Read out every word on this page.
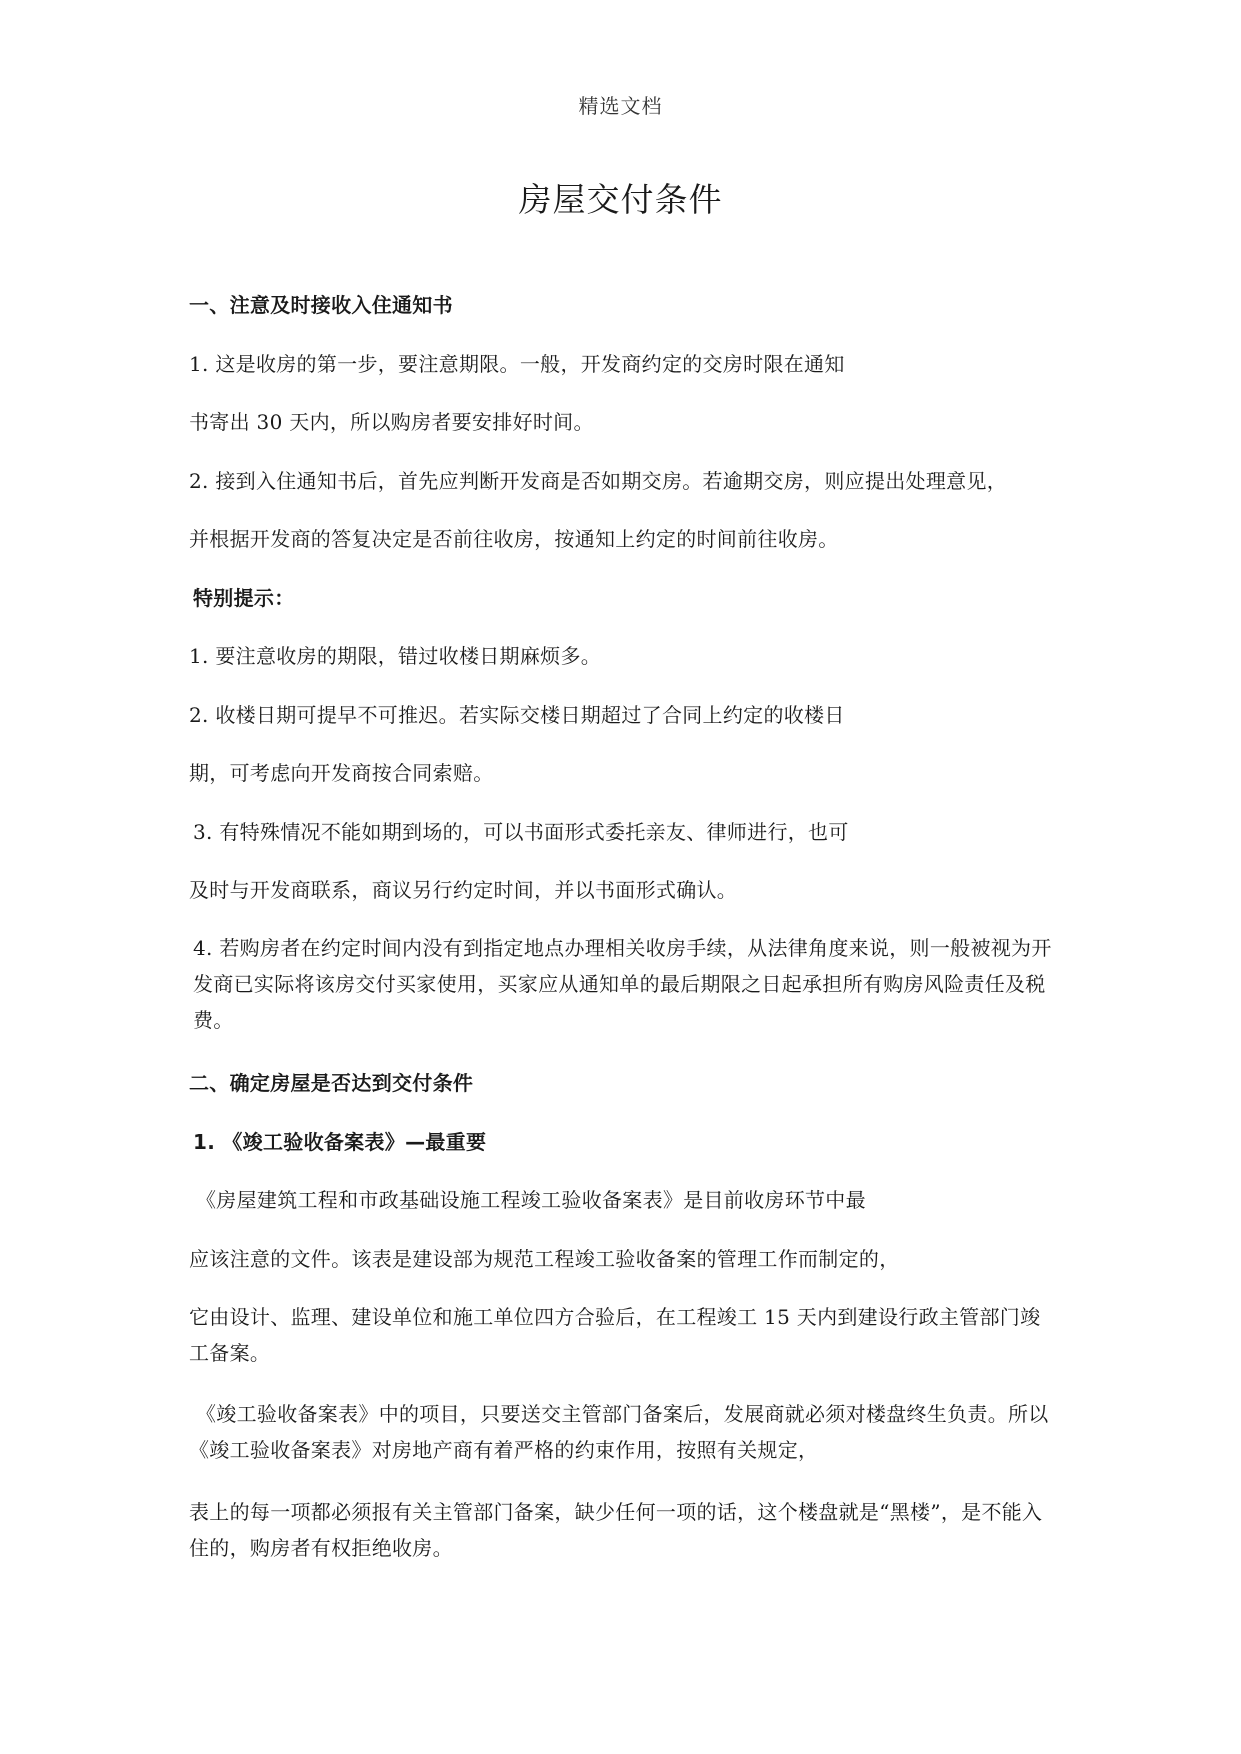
精选文档
房屋交付条件
一、注意及时接收入住通知书
1. 这是收房的第一步，要注意期限。一般，开发商约定的交房时限在通知
书寄出 30 天内，所以购房者要安排好时间。
2. 接到入住通知书后，首先应判断开发商是否如期交房。若逾期交房，则应提出处理意见，
并根据开发商的答复决定是否前往收房，按通知上约定的时间前往收房。
特别提示：
1. 要注意收房的期限，错过收楼日期麻烦多。
2. 收楼日期可提早不可推迟。若实际交楼日期超过了合同上约定的收楼日
期，可考虑向开发商按合同索赔。
3. 有特殊情况不能如期到场的，可以书面形式委托亲友、律师进行，也可
及时与开发商联系，商议另行约定时间，并以书面形式确认。
4. 若购房者在约定时间内没有到指定地点办理相关收房手续，从法律角度来说，则一般被视为开发商已实际将该房交付买家使用，买家应从通知单的最后期限之日起承担所有购房风险责任及税费。
二、确定房屋是否达到交付条件
1. 《竣工验收备案表》—最重要
《房屋建筑工程和市政基础设施工程竣工验收备案表》是目前收房环节中最
应该注意的文件。该表是建设部为规范工程竣工验收备案的管理工作而制定的，
它由设计、监理、建设单位和施工单位四方合验后，在工程竣工 15 天内到建设行政主管部门竣工备案。
《竣工验收备案表》中的项目，只要送交主管部门备案后，发展商就必须对楼盘终生负责。所以《竣工验收备案表》对房地产商有着严格的约束作用，按照有关规定，
表上的每一项都必须报有关主管部门备案，缺少任何一项的话，这个楼盘就是“黑楼”，是不能入住的，购房者有权拒绝收房。
